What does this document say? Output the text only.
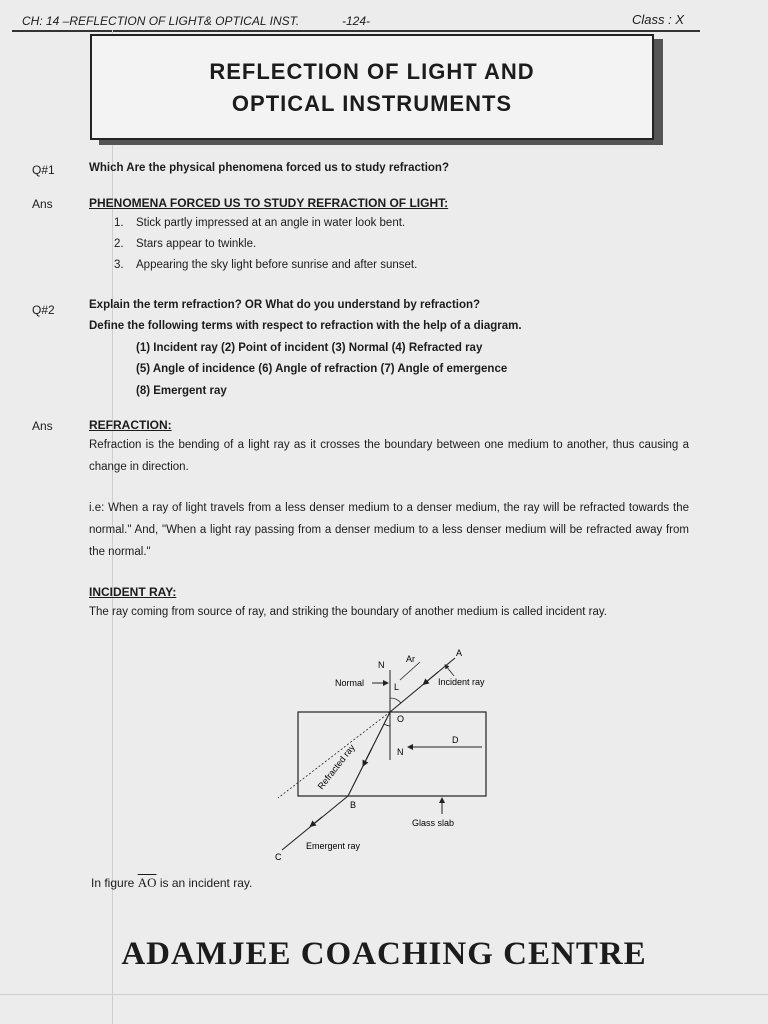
CH: 14 –REFLECTION OF LIGHT& OPTICAL INST.	-124-	Class : X
REFLECTION OF LIGHT AND
OPTICAL INSTRUMENTS
Q#1	Which Are the physical phenomena forced us to study refraction?
Ans	PHENOMENA FORCED US TO STUDY REFRACTION OF LIGHT:
1. Stick partly impressed at an angle in water look bent.
2. Stars appear to twinkle.
3. Appearing the sky light before sunrise and after sunset.
Q#2	Explain the term refraction? OR What do you understand by refraction?
Define the following terms with respect to refraction with the help of a diagram.
(1) Incident ray (2) Point of incident (3) Normal (4) Refracted ray
(5) Angle of incidence (6) Angle of refraction (7) Angle of emergence
(8) Emergent ray
Ans	REFRACTION:
Refraction is the bending of a light ray as it crosses the boundary between one medium to another, thus causing a change in direction.
i.e: When a ray of light travels from a less denser medium to a denser medium, the ray will be refracted towards the normal." And, "When a light ray passing from a denser medium to a less denser medium will be refracted away from the normal."
INCIDENT RAY:
The ray coming from source of ray, and striking the boundary of another medium is called incident ray.
N
Ar
A
Normal	L	Incident ray
O
N
D
Refracted ray
B
Glass slab
C
Emergent ray
In figure $\overline{AO}$ is an incident ray.
ADAMJEE COACHING CENTRE
